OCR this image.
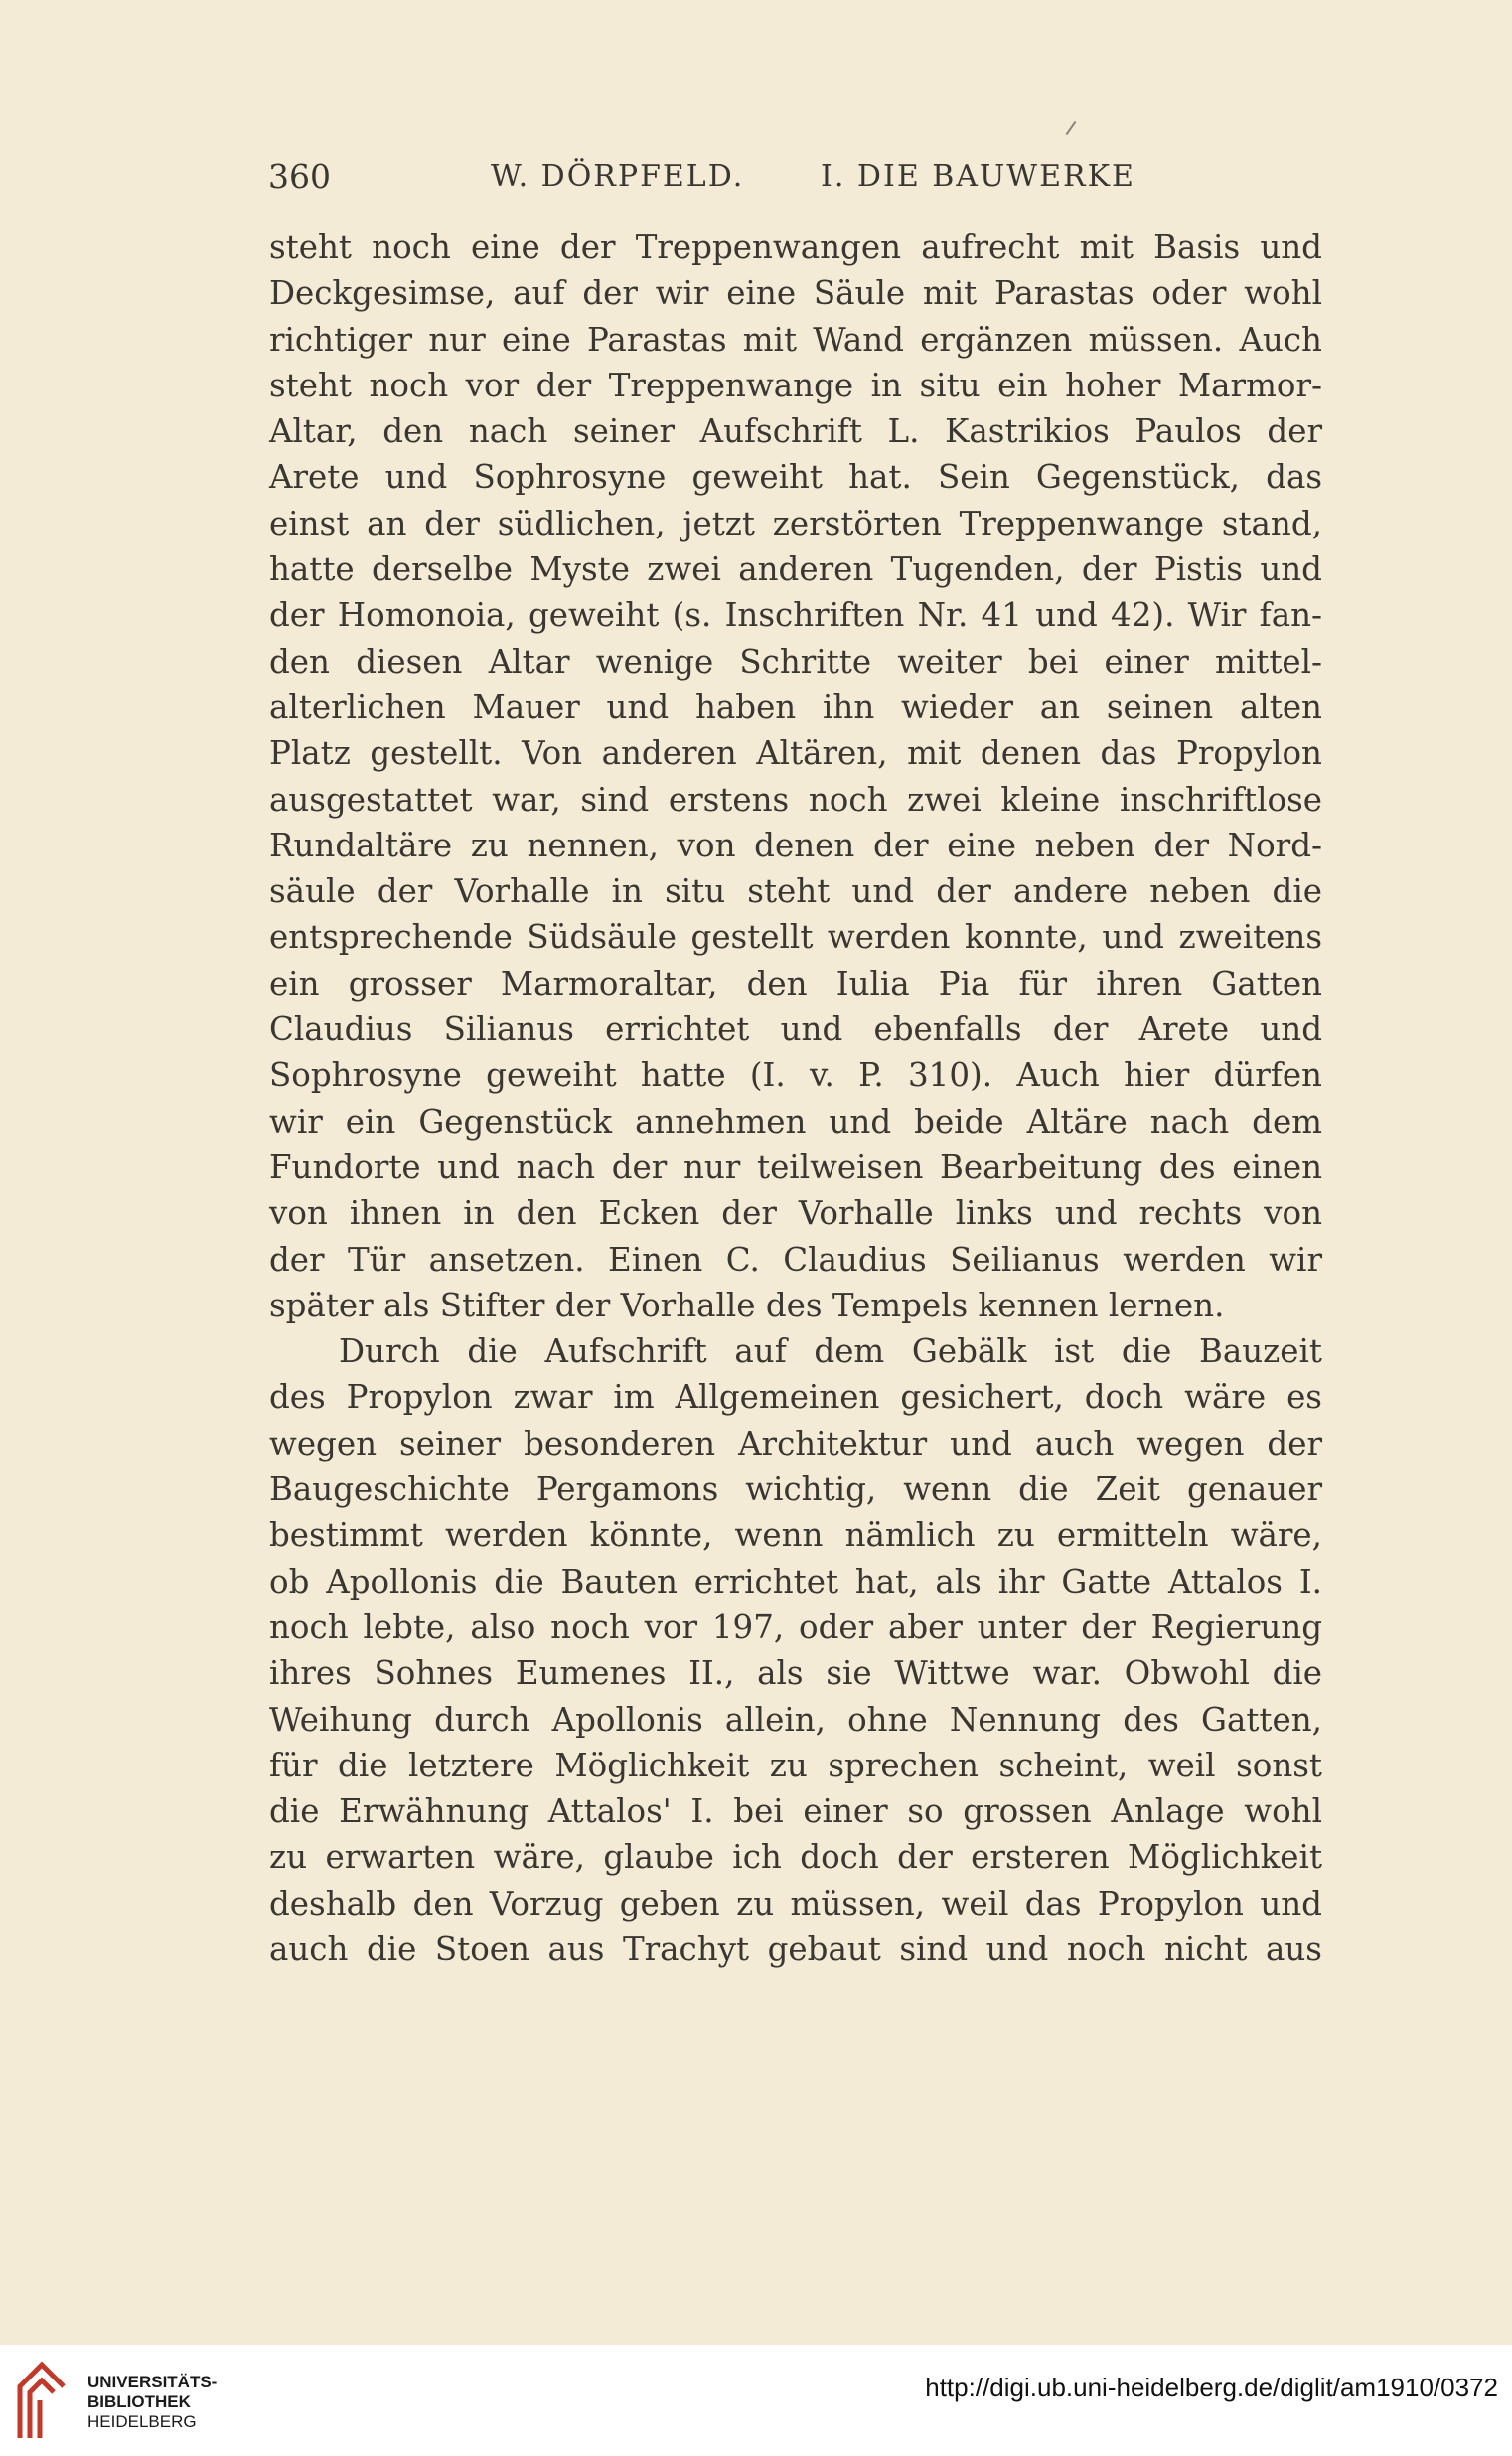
360	W. DÖRPFELD.	I. DIE BAUWERKE
steht noch eine der Treppenwangen aufrecht mit Basis und
Deckgesimse, auf der wir eine Säule mit Parastas oder wohl
richtiger nur eine Parastas mit Wand ergänzen müssen. Auch
steht noch vor der Treppenwange in situ ein hoher Marmor-
Altar, den nach seiner Aufschrift L. Kastrikios Paulos der
Arete und Sophrosyne geweiht hat. Sein Gegenstück, das
einst an der südlichen, jetzt zerstörten Treppenwange stand,
hatte derselbe Myste zwei anderen Tugenden, der Pistis und
der Homonoia, geweiht (s. Inschriften Nr. 41 und 42). Wir fan-
den diesen Altar wenige Schritte weiter bei einer mittel-
alterlichen Mauer und haben ihn wieder an seinen alten
Platz gestellt. Von anderen Altären, mit denen das Propylon
ausgestattet war, sind erstens noch zwei kleine inschriftlose
Rundaltäre zu nennen, von denen der eine neben der Nord-
säule der Vorhalle in situ steht und der andere neben die
entsprechende Südsäule gestellt werden konnte, und zweitens
ein grosser Marmoraltar, den Iulia Pia für ihren Gatten
Claudius Silianus errichtet und ebenfalls der Arete und
Sophrosyne geweiht hatte (I. v. P. 310). Auch hier dürfen
wir ein Gegenstück annehmen und beide Altäre nach dem
Fundorte und nach der nur teilweisen Bearbeitung des einen
von ihnen in den Ecken der Vorhalle links und rechts von
der Tür ansetzen. Einen C. Claudius Seilianus werden wir
später als Stifter der Vorhalle des Tempels kennen lernen.
Durch die Aufschrift auf dem Gebälk ist die Bauzeit
des Propylon zwar im Allgemeinen gesichert, doch wäre es
wegen seiner besonderen Architektur und auch wegen der
Baugeschichte Pergamons wichtig, wenn die Zeit genauer
bestimmt werden könnte, wenn nämlich zu ermitteln wäre,
ob Apollonis die Bauten errichtet hat, als ihr Gatte Attalos I.
noch lebte, also noch vor 197, oder aber unter der Regierung
ihres Sohnes Eumenes II., als sie Wittwe war. Obwohl die
Weihung durch Apollonis allein, ohne Nennung des Gatten,
für die letztere Möglichkeit zu sprechen scheint, weil sonst
die Erwähnung Attalos' I. bei einer so grossen Anlage wohl
zu erwarten wäre, glaube ich doch der ersteren Möglichkeit
deshalb den Vorzug geben zu müssen, weil das Propylon und
auch die Stoen aus Trachyt gebaut sind und noch nicht aus
UNIVERSITÄTS-
BIBLIOTHEK
HEIDELBERG
http://digi.ub.uni-heidelberg.de/diglit/am1910/0372
